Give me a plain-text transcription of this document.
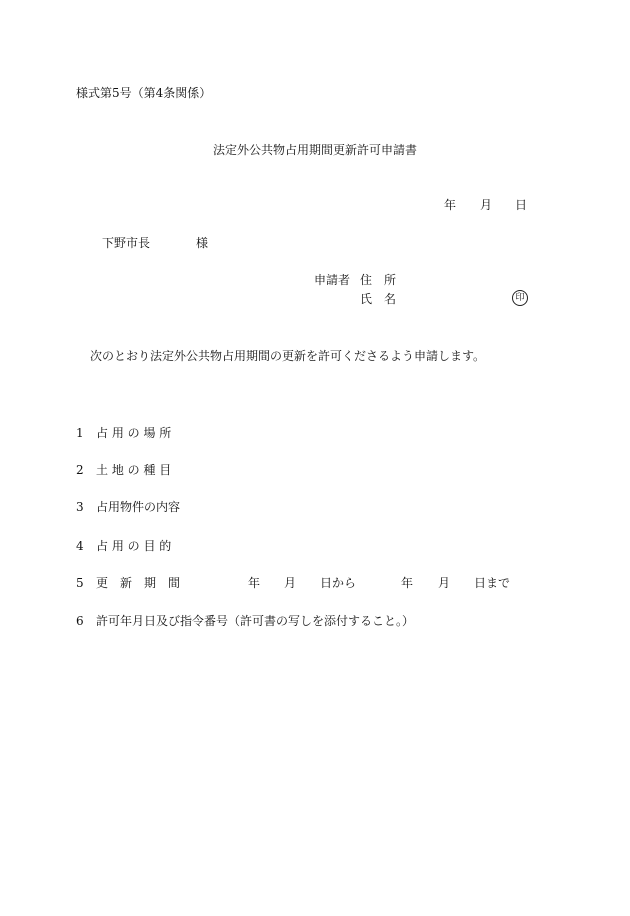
様式第5号（第4条関係）
法定外公共物占用期間更新許可申請書
年 月 日
下野市長	様
申請者 住　所
氏　名	印
次のとおり法定外公共物占用期間の更新を許可くださるよう申請します。
1 占 用 の 場 所
2 土 地 の 種 目
3 占用物件の内容
4 占 用 の 目 的
5 更　新　期　間	年 月 日から	年 月 日まで
6 許可年月日及び指令番号（許可書の写しを添付すること。）
